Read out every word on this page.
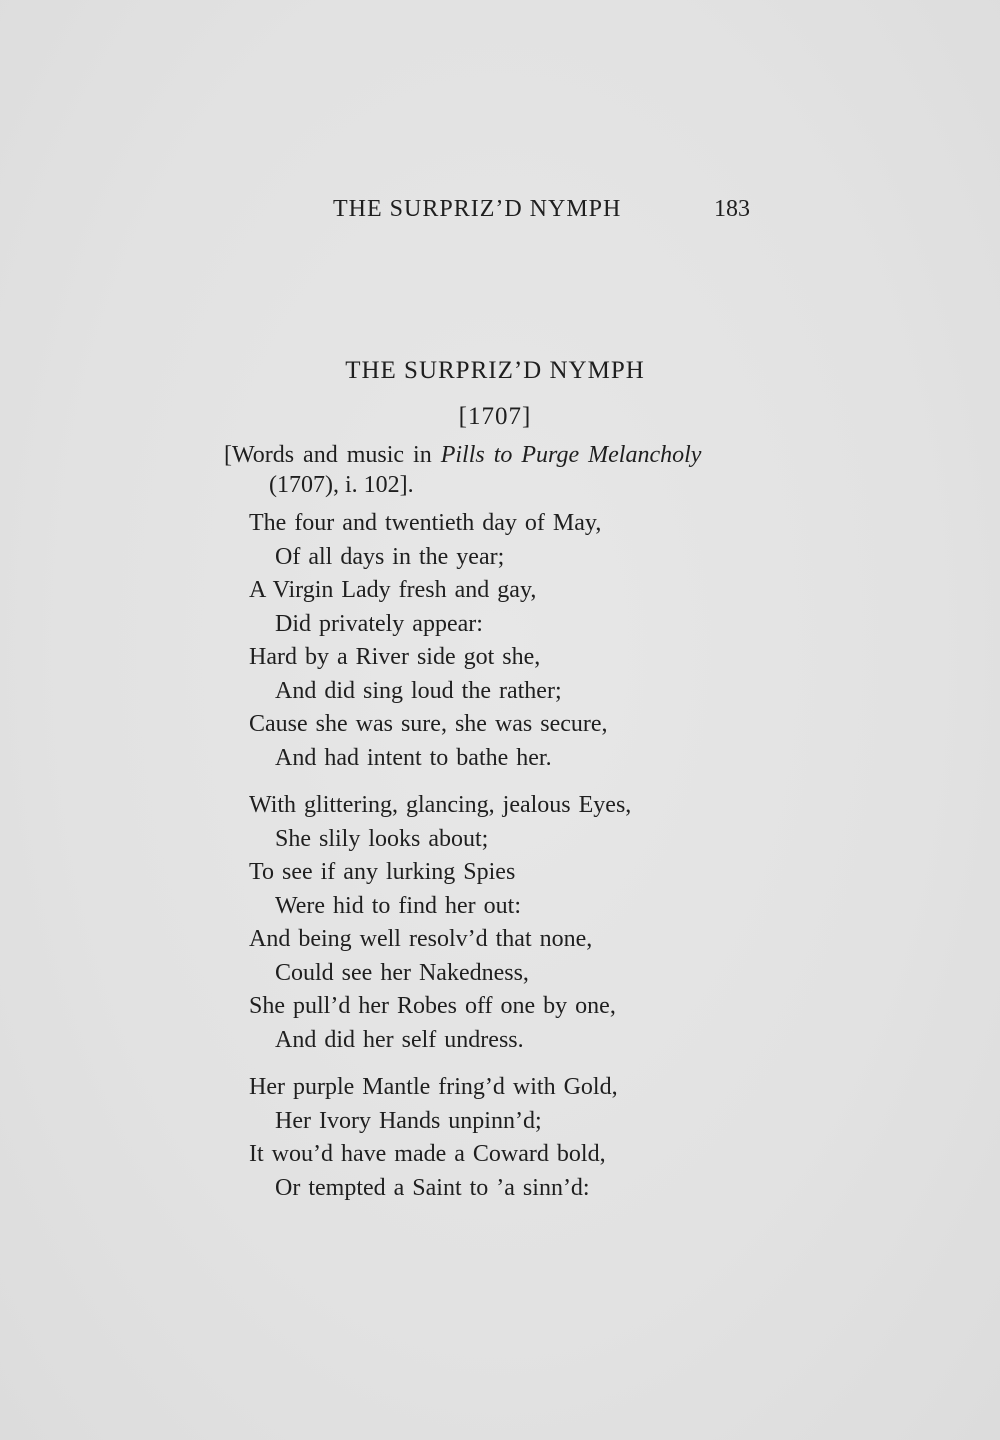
THE SURPRIZ’D NYMPH	183
THE SURPRIZ’D NYMPH
[1707]
[Words and music in Pills to Purge Melancholy
(1707), i. 102].
The four and twentieth day of May,
Of all days in the year;
A Virgin Lady fresh and gay,
Did privately appear:
Hard by a River side got she,
And did sing loud the rather;
Cause she was sure, she was secure,
And had intent to bathe her.
With glittering, glancing, jealous Eyes,
She slily looks about;
To see if any lurking Spies
Were hid to find her out:
And being well resolv’d that none,
Could see her Nakedness,
She pull’d her Robes off one by one,
And did her self undress.
Her purple Mantle fring’d with Gold,
Her Ivory Hands unpinn’d;
It wou’d have made a Coward bold,
Or tempted a Saint to ’a sinn’d:
